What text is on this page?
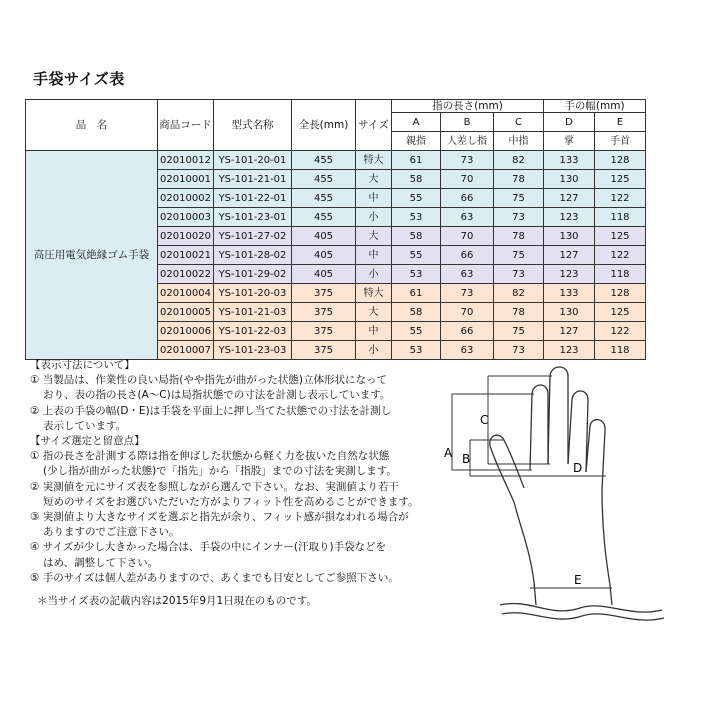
手袋サイズ表
品　名	商品コード	型式名称	全長(mm)	サイズ	指の長さ(mm)			手の幅(mm)	
					A	B	C	D	E
					親指	人差し指	中指	掌	手首
高圧用電気絶縁ゴム手袋	02010012	YS-101-20-01	455	特大	61	73	82	133	128
	02010001	YS-101-21-01	455	大	58	70	78	130	125
	02010002	YS-101-22-01	455	中	55	66	75	127	122
	02010003	YS-101-23-01	455	小	53	63	73	123	118
	02010020	YS-101-27-02	405	大	58	70	78	130	125
	02010021	YS-101-28-02	405	中	55	66	75	127	122
	02010022	YS-101-29-02	405	小	53	63	73	123	118
	02010004	YS-101-20-03	375	特大	61	73	82	133	128
	02010005	YS-101-21-03	375	大	58	70	78	130	125
	02010006	YS-101-22-03	375	中	55	66	75	127	122
	02010007	YS-101-23-03	375	小	53	63	73	123	118
【表示寸法について】
① 当製品は、作業性の良い局指(やや指先が曲がった状態)立体形状になって
おり、表の指の長さ(A～C)は局指状態での寸法を計測し表示しています。
② 上表の手袋の幅(D・E)は手袋を平面上に押し当てた状態での寸法を計測し
表示しています。
【サイズ選定と留意点】
① 指の長さを計測する際は指を伸ばした状態から軽く力を抜いた自然な状態
(少し指が曲がった状態)で「指先」から「指股」までの寸法を実測します。
② 実測値を元にサイズ表を参照しながら選んで下さい。なお、実測値より若干
短めのサイズをお選びいただいた方がよりフィット性を高めることができます。
③ 実測値より大きなサイズを選ぶと指先が余り、フィット感が損なわれる場合が
ありますのでご注意下さい。
④ サイズが少し大きかった場合は、手袋の中にインナー(汗取り)手袋などを
はめ、調整して下さい。
⑤ 手のサイズは個人差がありますので、あくまでも目安としてご参照下さい。
＊当サイズ表の記載内容は2015年9月1日現在のものです。
A B
C
D
E
